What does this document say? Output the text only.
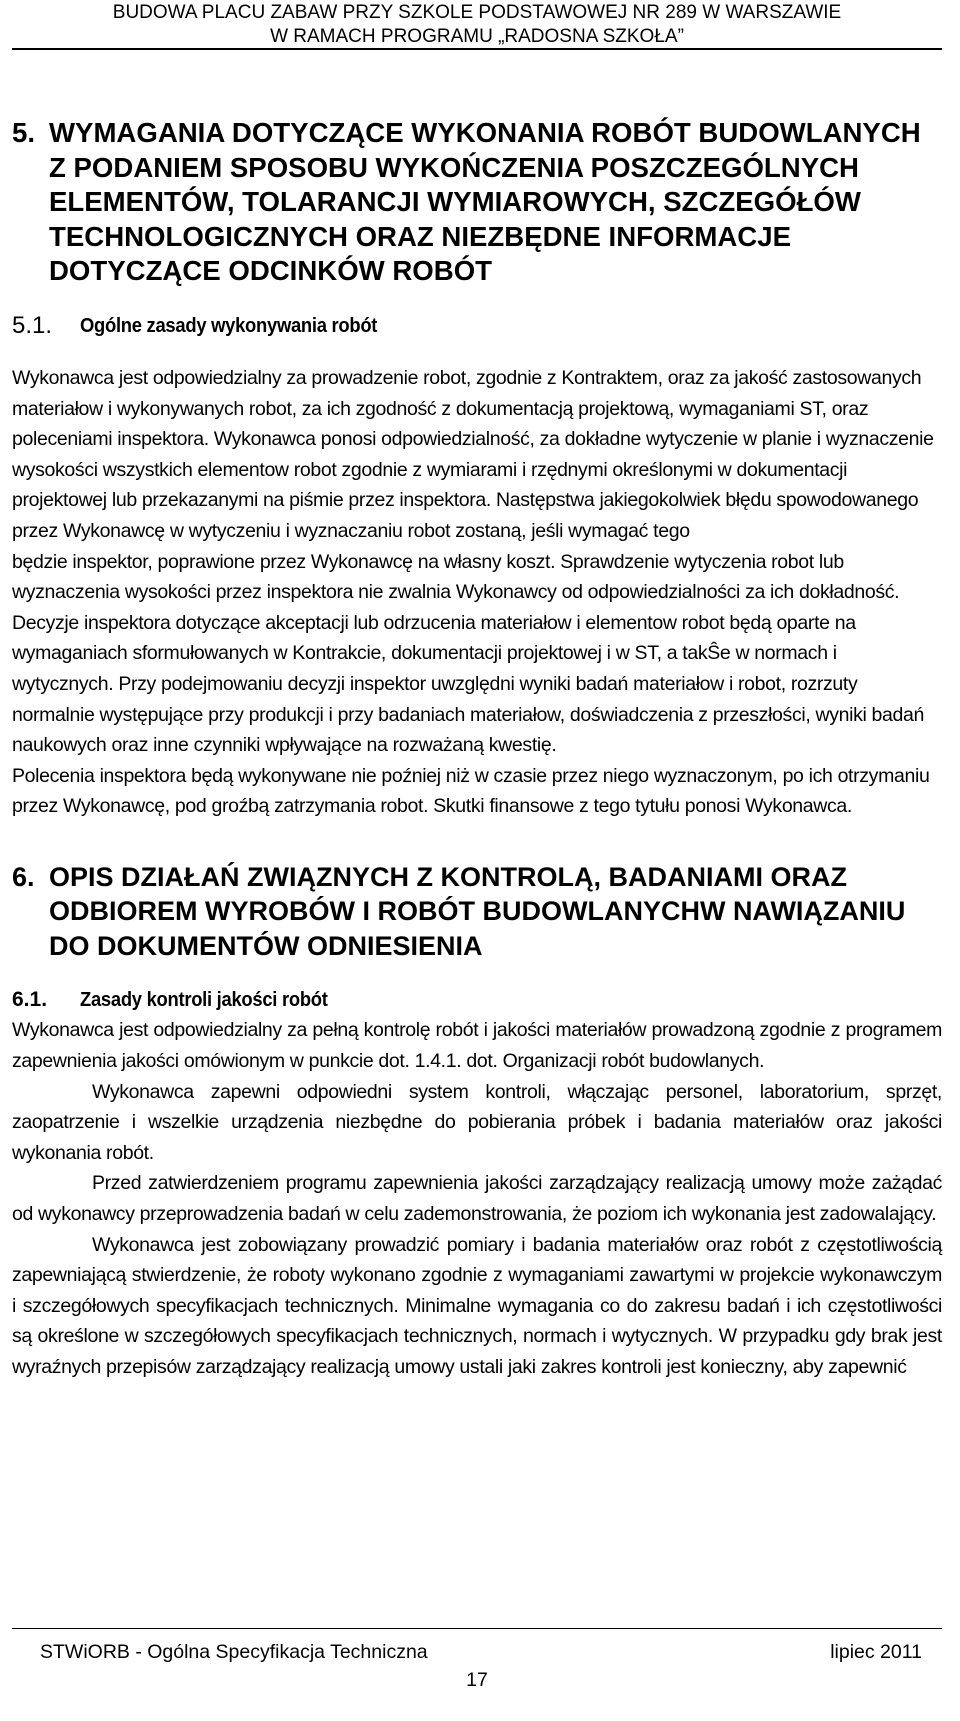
BUDOWA PLACU ZABAW PRZY SZKOLE PODSTAWOWEJ NR 289 W WARSZAWIE
W RAMACH PROGRAMU „RADOSNA SZKOŁA”
5. WYMAGANIA DOTYCZĄCE WYKONANIA ROBÓT BUDOWLANYCH Z PODANIEM SPOSOBU WYKOŃCZENIA POSZCZEGÓLNYCH ELEMENTÓW, TOLARANCJI WYMIAROWYCH, SZCZEGÓŁÓW TECHNOLOGICZNYCH ORAZ NIEZBĘDNE INFORMACJE DOTYCZĄCE ODCINKÓW ROBÓT
5.1.	Ogólne zasady wykonywania robót
Wykonawca jest odpowiedzialny za prowadzenie robot, zgodnie z Kontraktem, oraz za jakość zastosowanych materiałow i wykonywanych robot, za ich zgodność z dokumentacją projektową, wymaganiami ST, oraz poleceniami inspektora. Wykonawca ponosi odpowiedzialność, za dokładne wytyczenie w planie i wyznaczenie wysokości wszystkich elementow robot zgodnie z wymiarami i rzędnymi określonymi w dokumentacji projektowej lub przekazanymi na piśmie przez inspektora. Następstwa jakiegokolwiek błędu spowodowanego przez Wykonawcę w wytyczeniu i wyznaczaniu robot zostaną, jeśli wymagać tego
będzie inspektor, poprawione przez Wykonawcę na własny koszt. Sprawdzenie wytyczenia robot lub wyznaczenia wysokości przez inspektora nie zwalnia Wykonawcy od odpowiedzialności za ich dokładność. Decyzje inspektora dotyczące akceptacji lub odrzucenia materiałow i elementow robot będą oparte na wymaganiach sformułowanych w Kontrakcie, dokumentacji projektowej i w ST, a takŜe w normach i wytycznych. Przy podejmowaniu decyzji inspektor uwzględni wyniki badań materiałow i robot, rozrzuty normalnie występujące przy produkcji i przy badaniach materiałow, doświadczenia z przeszłości, wyniki badań naukowych oraz inne czynniki wpływające na rozważaną kwestię.
Polecenia inspektora będą wykonywane nie poźniej niż w czasie przez niego wyznaczonym, po ich otrzymaniu przez Wykonawcę, pod groźbą zatrzymania robot. Skutki finansowe z tego tytułu ponosi Wykonawca.
6. OPIS DZIAŁAŃ ZWIĄZNYCH Z KONTROLĄ, BADANIAMI ORAZ ODBIOREM WYROBÓW I ROBÓT BUDOWLANYCHW NAWIĄZANIU DO DOKUMENTÓW ODNIESIENIA
6.1.	Zasady kontroli jakości robót
Wykonawca jest odpowiedzialny za pełną kontrolę robót i jakości materiałów prowadzoną zgodnie z programem zapewnienia jakości omówionym w punkcie dot. 1.4.1. dot. Organizacji robót budowlanych.
Wykonawca zapewni odpowiedni system kontroli, włączając personel, laboratorium, sprzęt, zaopatrzenie i wszelkie urządzenia niezbędne do pobierania próbek i badania materiałów oraz jakości wykonania robót.
Przed zatwierdzeniem programu zapewnienia jakości zarządzający realizacją umowy może zażądać od wykonawcy przeprowadzenia badań w celu zademonstrowania, że poziom ich wykonania jest zadowalający.
Wykonawca jest zobowiązany prowadzić pomiary i badania materiałów oraz robót z częstotliwością zapewniającą stwierdzenie, że roboty wykonano zgodnie z wymaganiami zawartymi w projekcie wykonawczym i szczegółowych specyfikacjach technicznych. Minimalne wymagania co do zakresu badań i ich częstotliwości są określone w szczegółowych specyfikacjach technicznych, normach i wytycznych. W przypadku gdy brak jest wyraźnych przepisów zarządzający realizacją umowy ustali jaki zakres kontroli jest konieczny, aby zapewnić
STWiORB - Ogólna Specyfikacja Techniczna	lipiec 2011
17
